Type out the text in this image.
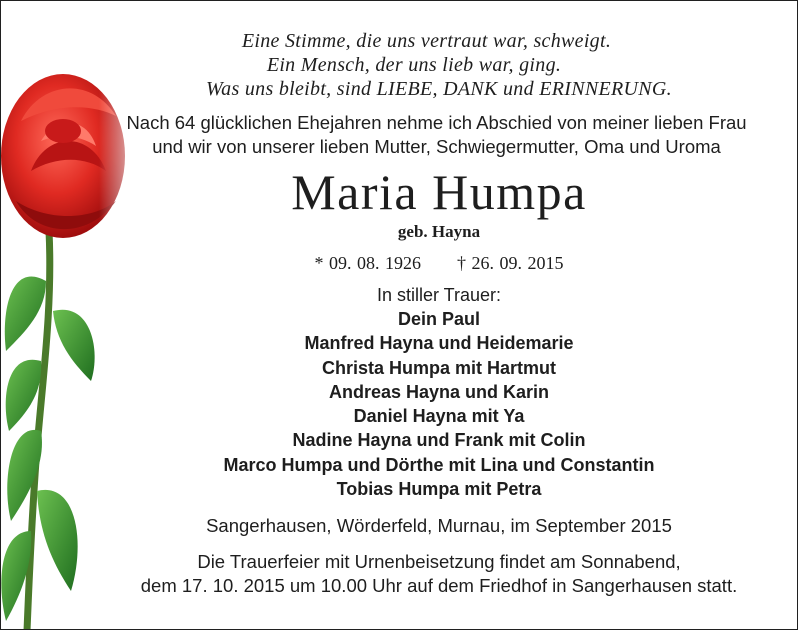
Eine Stimme, die uns vertraut war, schweigt.
Ein Mensch, der uns lieb war, ging.
Was uns bleibt, sind LIEBE, DANK und ERINNERUNG.
Nach 64 glücklichen Ehejahren nehme ich Abschied von meiner lieben Frau
und wir von unserer lieben Mutter, Schwiegermutter, Oma und Uroma
Maria Humpa
geb. Hayna
* 09. 08. 1926 † 26. 09. 2015
In stiller Trauer:
Dein Paul
Manfred Hayna und Heidemarie
Christa Humpa mit Hartmut
Andreas Hayna und Karin
Daniel Hayna mit Ya
Nadine Hayna und Frank mit Colin
Marco Humpa und Dörthe mit Lina und Constantin
Tobias Humpa mit Petra
Sangerhausen, Wörderfeld, Murnau, im September 2015
Die Trauerfeier mit Urnenbeisetzung findet am Sonnabend,
dem 17. 10. 2015 um 10.00 Uhr auf dem Friedhof in Sangerhausen statt.
